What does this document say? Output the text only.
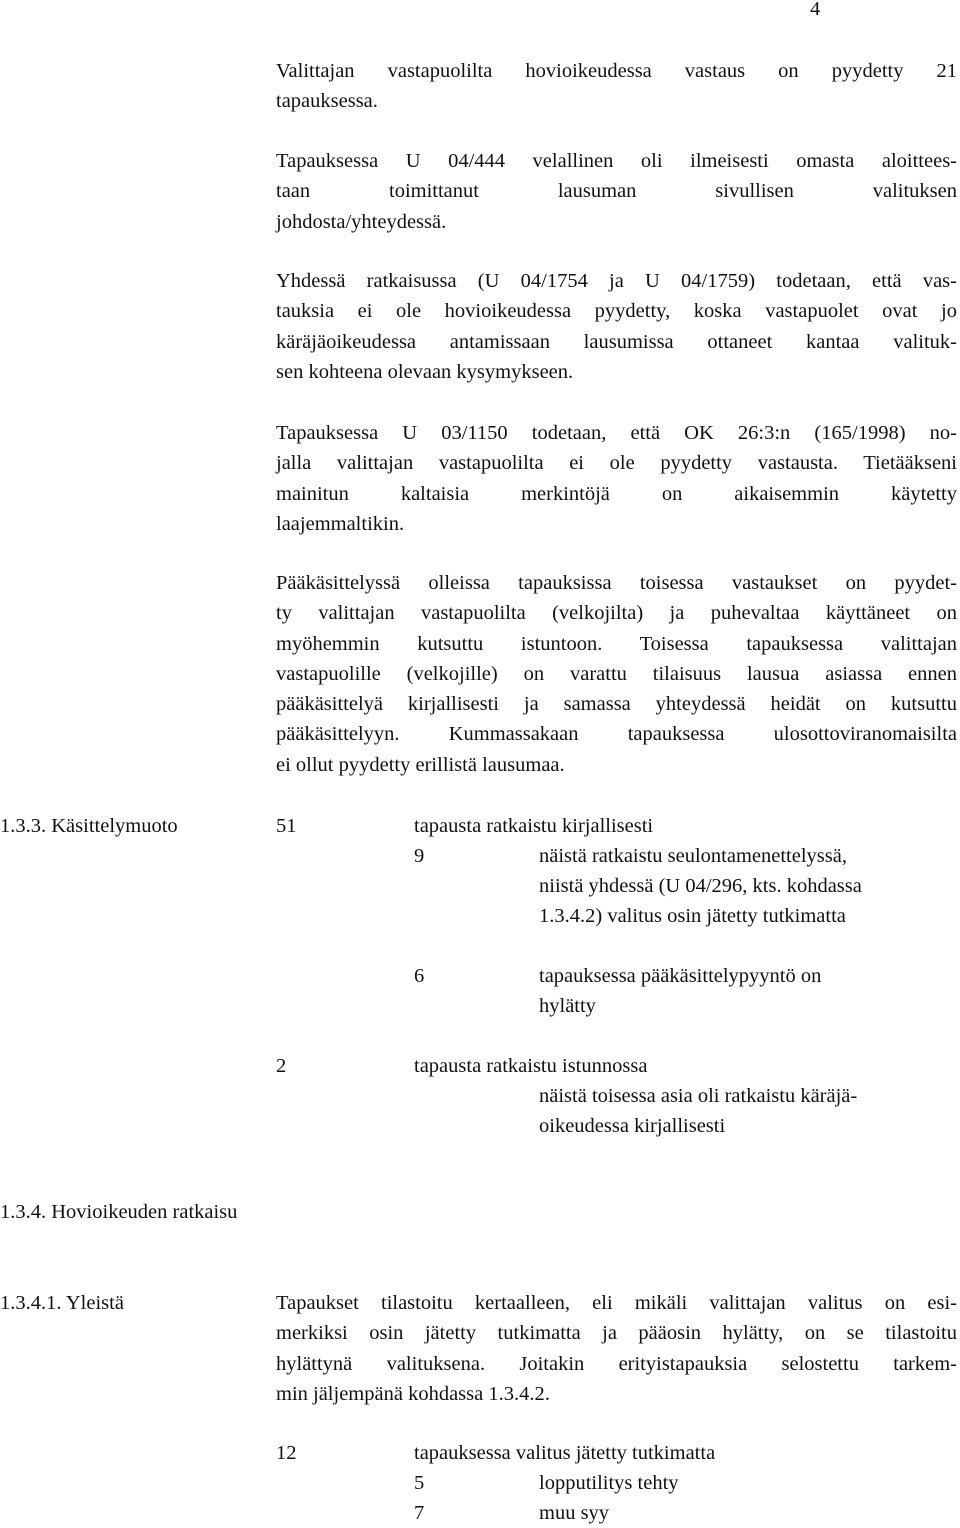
4
Valittajan vastapuolilta hovioikeudessa vastaus on pyydetty 21
tapauksessa.
Tapauksessa U 04/444 velallinen oli ilmeisesti omasta aloittees-
taan toimittanut lausuman sivullisen valituksen
johdosta/yhteydessä.
Yhdessä ratkaisussa (U 04/1754 ja U 04/1759) todetaan, että vas-
tauksia ei ole hovioikeudessa pyydetty, koska vastapuolet ovat jo
käräjäoikeudessa antamissaan lausumissa ottaneet kantaa valituk-
sen kohteena olevaan kysymykseen.
Tapauksessa U 03/1150 todetaan, että OK 26:3:n (165/1998) no-
jalla valittajan vastapuolilta ei ole pyydetty vastausta. Tietääkseni
mainitun kaltaisia merkintöjä on aikaisemmin käytetty
laajemmaltikin.
Pääkäsittelyssä olleissa tapauksissa toisessa vastaukset on pyydet-
ty valittajan vastapuolilta (velkojilta) ja puhevaltaa käyttäneet on
myöhemmin kutsuttu istuntoon. Toisessa tapauksessa valittajan
vastapuolille (velkojille) on varattu tilaisuus lausua asiassa ennen
pääkäsittelyä kirjallisesti ja samassa yhteydessä heidät on kutsuttu
pääkäsittelyyn. Kummassakaan tapauksessa ulosottoviranomaisilta
ei ollut pyydetty erillistä lausumaa.
1.3.3. Käsittelymuoto	51	tapausta ratkaistu kirjallisesti
9	näistä ratkaistu seulontamenettelyssä,
niistä yhdessä (U 04/296, kts. kohdassa
1.3.4.2) valitus osin jätetty tutkimatta
6	tapauksessa pääkäsittelypyyntö on
hylätty
2	tapausta ratkaistu istunnossa
näistä toisessa asia oli ratkaistu käräjä-
oikeudessa kirjallisesti
1.3.4. Hovioikeuden ratkaisu
1.3.4.1. Yleistä	Tapaukset tilastoitu kertaalleen, eli mikäli valittajan valitus on esi-
merkiksi osin jätetty tutkimatta ja pääosin hylätty, on se tilastoitu
hylättynä valituksena. Joitakin erityistapauksia selostettu tarkem-
min jäljempänä kohdassa 1.3.4.2.
12	tapauksessa valitus jätetty tutkimatta
5	lopputilitys tehty
7	muu syy
